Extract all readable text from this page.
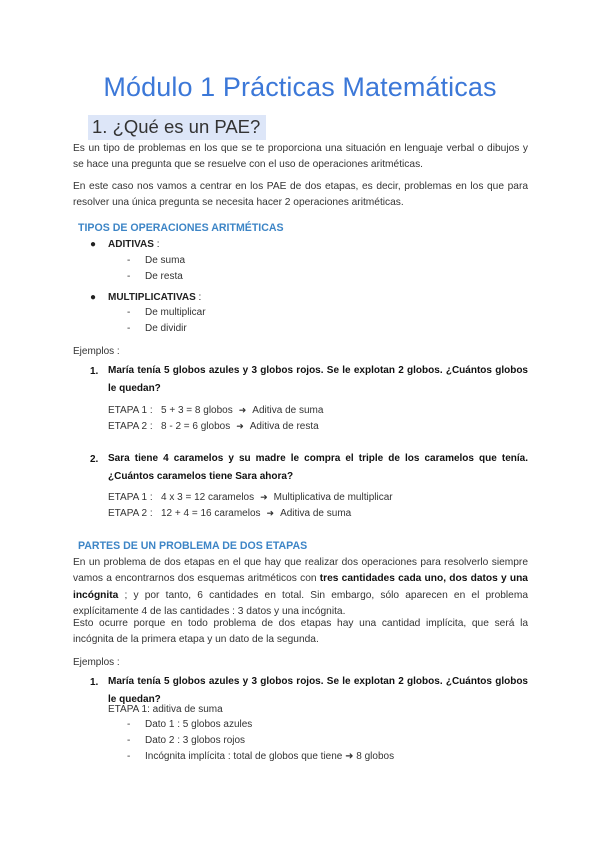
Módulo 1 Prácticas Matemáticas
1. ¿Qué es un PAE?
Es un tipo de problemas en los que se te proporciona una situación en lenguaje verbal o dibujos y se hace una pregunta que se resuelve con el uso de operaciones aritméticas.
En este caso nos vamos a centrar en los PAE de dos etapas, es decir, problemas en los que para resolver una única pregunta se necesita hacer 2 operaciones aritméticas.
TIPOS DE OPERACIONES ARITMÉTICAS
● ADITIVAS :
- De suma
- De resta
● MULTIPLICATIVAS :
- De multiplicar
- De dividir
Ejemplos :
1. María tenía 5 globos azules y 3 globos rojos. Se le explotan 2 globos. ¿Cuántos globos le quedan?
ETAPA 1 : 5 + 3 = 8 globos ➜ Aditiva de suma
ETAPA 2 : 8 - 2 = 6 globos ➜ Aditiva de resta
2. Sara tiene 4 caramelos y su madre le compra el triple de los caramelos que tenía. ¿Cuántos caramelos tiene Sara ahora?
ETAPA 1 : 4 x 3 = 12 caramelos ➜ Multiplicativa de multiplicar
ETAPA 2 : 12 + 4 = 16 caramelos ➜ Aditiva de suma
PARTES DE UN PROBLEMA DE DOS ETAPAS
En un problema de dos etapas en el que hay que realizar dos operaciones para resolverlo siempre vamos a encontrarnos dos esquemas aritméticos con tres cantidades cada uno, dos datos y una incógnita ; y por tanto, 6 cantidades en total. Sin embargo, sólo aparecen en el problema explícitamente 4 de las cantidades : 3 datos y una incógnita.
Esto ocurre porque en todo problema de dos etapas hay una cantidad implícita, que será la incógnita de la primera etapa y un dato de la segunda.
Ejemplos :
1. María tenía 5 globos azules y 3 globos rojos. Se le explotan 2 globos. ¿Cuántos globos le quedan?
ETAPA 1: aditiva de suma
- Dato 1 : 5 globos azules
- Dato 2 : 3 globos rojos
- Incógnita implícita : total de globos que tiene ➜ 8 globos
